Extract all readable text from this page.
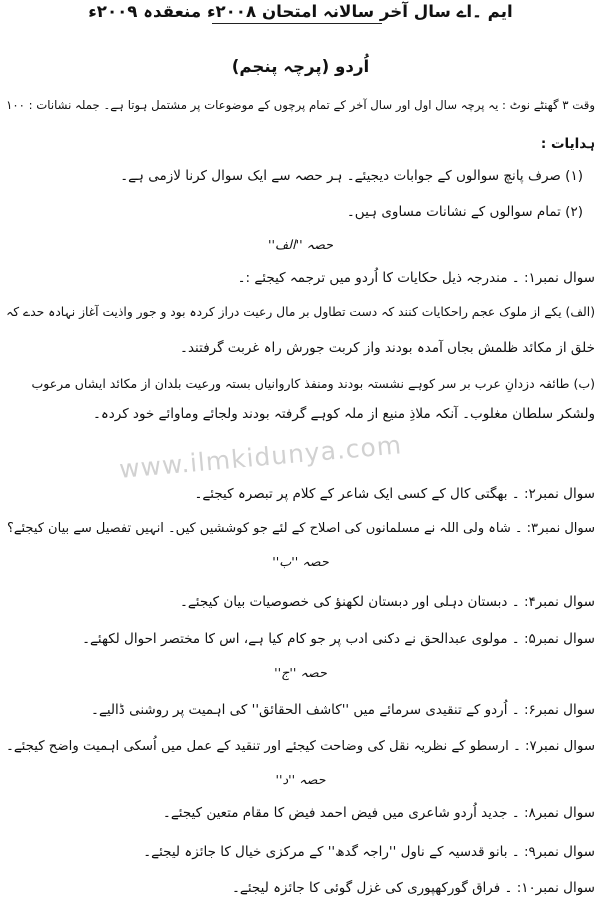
ایم ۔اے سال آخر سالانہ امتحان ۲۰۰۸ء منعقدہ ۲۰۰۹ء
اُردو (پرچہ پنجم)
وقت ۳ گھنٹے نوٹ : یہ پرچہ سال اول اور سال آخر کے تمام پرچوں کے موضوعات پر مشتمل ہوتا ہے۔ جملہ نشانات : ۱۰۰
ہدایات :
(۱) صرف پانچ سوالوں کے جوابات دیجیئے۔ ہر حصہ سے ایک سوال کرنا لازمی ہے۔
(۲) تمام سوالوں کے نشانات مساوی ہیں۔
حصہ ''الف''
سوال نمبر۱: ۔ مندرجہ ذیل حکایات کا اُردو میں ترجمہ کیجئے :۔
(الف) یکے از ملوک عجم راحکایات کنند کہ دست تطاول بر مال رعیت دراز کردہ بود و جور واذیت آغاز نہادہ حدے کہ
خلق از مکائد ظلمش بجاں آمدہ بودند واز کربت جورش راہ غربت گرفتند۔
(ب) طائفہ دزدانِ عرب بر سر کوہے نشستہ بودند ومنفذ کاروانیاں بستہ ورعیت بلدان از مکائد ایشاں مرعوب
ولشکر سلطان مغلوب۔ آنکہ ملاذِ منیع از ملہ کوہے گرفتہ بودند ولجائے وماوائے خود کردہ۔
www.ilmkidunya.com
سوال نمبر۲: ۔ بھگتی کال کے کسی ایک شاعر کے کلام پر تبصرہ کیجئے۔
سوال نمبر۳: ۔ شاہ ولی اللہ نے مسلمانوں کی اصلاح کے لئے جو کوششیں کیں۔ انہیں تفصیل سے بیان کیجئے؟
حصہ ''ب''
سوال نمبر۴: ۔ دبستان دہلی اور دبستان لکھنؤ کی خصوصیات بیان کیجئے۔
سوال نمبر۵: ۔ مولوی عبدالحق نے دکنی ادب پر جو کام کیا ہے، اس کا مختصر احوال لکھئے۔
حصہ ''ج''
سوال نمبر۶: ۔ اُردو کے تنقیدی سرمائے میں ''کاشف الحقائق'' کی اہمیت پر روشنی ڈالیے۔
سوال نمبر۷: ۔ ارسطو کے نظریہ نقل کی وضاحت کیجئے اور تنقید کے عمل میں اُسکی اہمیت واضح کیجئے۔
حصہ ''د''
سوال نمبر۸: ۔ جدید اُردو شاعری میں فیض احمد فیض کا مقام متعین کیجئے۔
سوال نمبر۹: ۔ بانو قدسیہ کے ناول ''راجہ گدھ'' کے مرکزی خیال کا جائزہ لیجئے۔
سوال نمبر۱۰: ۔ فراق گورکھپوری کی غزل گوئی کا جائزہ لیجئے۔
